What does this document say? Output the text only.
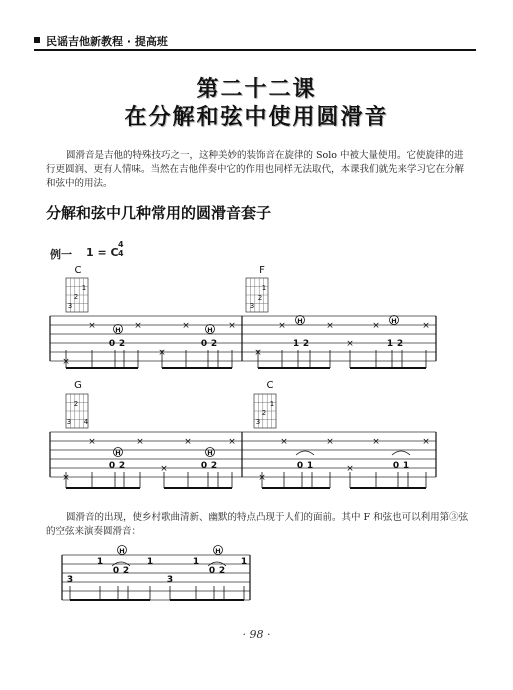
民谣吉他新教程 · 提高班
第二十二课
在分解和弦中使用圆滑音
圆滑音是吉他的特殊技巧之一，这种美妙的装饰音在旋律的 Solo 中被大量使用。它使旋律的进行更圆润、更有人情味。当然在吉他伴奏中它的作用也同样无法取代，本课我们就先来学习它在分解和弦中的用法。
分解和弦中几种常用的圆滑音套子
例一 1 = C
4
4
C	F
G	C
1
2
3
1
2
3
2
3 4
1
2
3
×
×	×
×
×	×
×
×	×
×
×	×
H	H
H	H
0 2	0 2	1 2	1 2
×
×	×
×
×	×
×
×	×
×
×	×
H	H
0 2	0 2	0 1	0 1
3
1	1
3
1	1
H	H
0 2	0 2
圆滑音的出现，使乡村歌曲清新、幽默的特点凸现于人们的面前。其中 F 和弦也可以利用第③弦的空弦来演奏圆滑音：
· 98 ·
